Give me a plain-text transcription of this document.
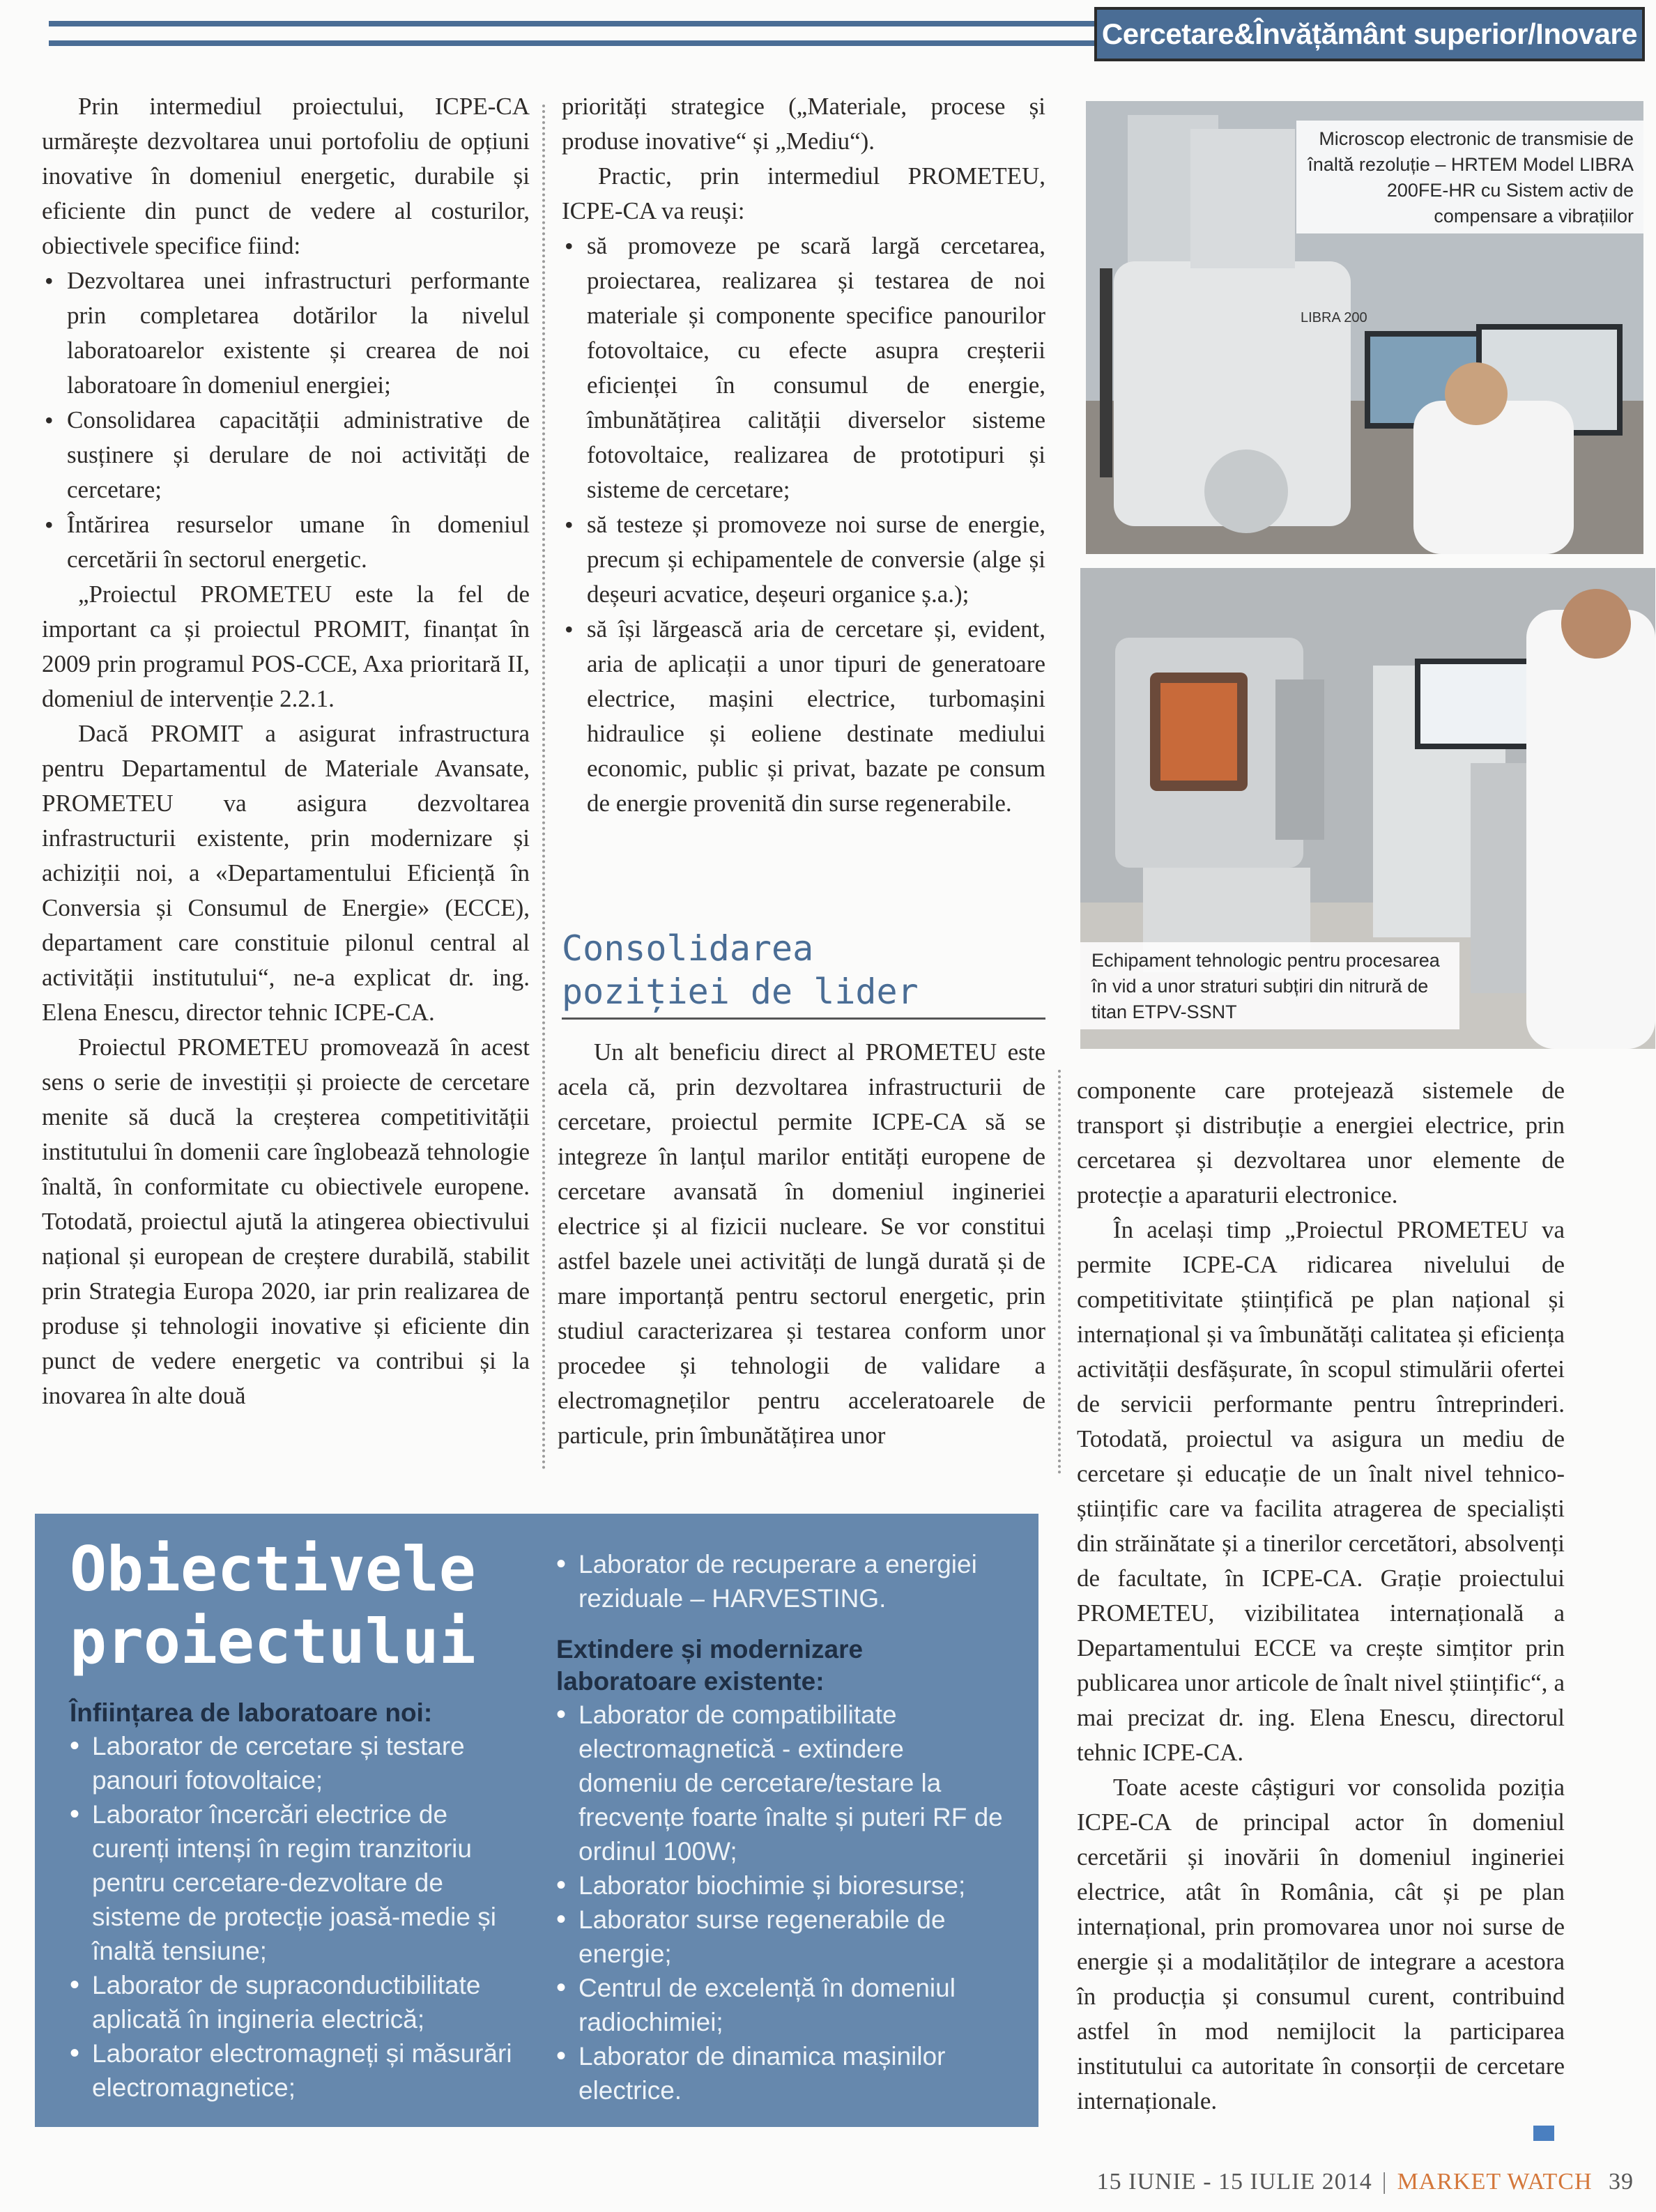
Cercetare&Învățământ superior/Inovare

Prin intermediul proiectului, ICPE-CA urmărește dezvoltarea unui portofoliu de opțiuni inovative în domeniul energetic, durabile și eficiente din punct de vedere al costurilor, obiectivele specifice fiind:

• Dezvoltarea unei infrastructuri performante prin completarea dotărilor la nivelul laboratoarelor existente și crearea de noi laboratoare în domeniul energiei;
• Consolidarea capacității administrative de susținere și derulare de noi activități de cercetare;
• Întărirea resurselor umane în domeniul cercetării în sectorul energetic.

„Proiectul PROMETEU este la fel de important ca și proiectul PROMIT, finanțat în 2009 prin programul POS-CCE, Axa prioritară II, domeniul de intervenție 2.2.1.

Dacă PROMIT a asigurat infrastructura pentru Departamentul de Materiale Avansate, PROMETEU va asigura dezvoltarea infrastructurii existente, prin modernizare și achiziții noi, a «Departamentului Eficiență în Conversia și Consumul de Energie» (ECCE), departament care constituie pilonul central al activității institutului“, ne-a explicat dr. ing. Elena Enescu, director tehnic ICPE-CA.

Proiectul PROMETEU promovează în acest sens o serie de investiții și proiecte de cercetare menite să ducă la creșterea competitivității institutului în domenii care înglobează tehnologie înaltă, în conformitate cu obiectivele europene. Totodată, proiectul ajută la atingerea obiectivului național și european de creștere durabilă, stabilit prin Strategia Europa 2020, iar prin realizarea de produse și tehnologii inovative și eficiente din punct de vedere energetic va contribui și la inovarea în alte două

priorități strategice („Materiale, procese și produse inovative“ și „Mediu“).

Practic, prin intermediul PROMETEU, ICPE-CA va reuși:

• să promoveze pe scară largă cercetarea, proiectarea, realizarea și testarea de noi materiale și componente specifice panourilor fotovoltaice, cu efecte asupra creșterii eficienței în consumul de energie, îmbunătățirea calității diverselor sisteme fotovoltaice, realizarea de prototipuri și sisteme de cercetare;
• să testeze și promoveze noi surse de energie, precum și echipamentele de conversie (alge și deșeuri acvatice, deșeuri organice ș.a.);
• să își lărgească aria de cercetare și, evident, aria de aplicații a unor tipuri de generatoare electrice, mașini electrice, turbomașini hidraulice și eoliene destinate mediului economic, public și privat, bazate pe consum de energie provenită din surse regenerabile.
Consolidarea
poziției de lider

Un alt beneficiu direct al PROMETEU este acela că, prin dezvoltarea infrastructurii de cercetare, proiectul permite ICPE-CA să se integreze în lanțul marilor entități europene de cercetare avansată în domeniul ingineriei electrice și al fizicii nucleare. Se vor constitui astfel bazele unei activități de lungă durată și de mare importanță pentru sectorul energetic, prin studiul caracterizarea și testarea conform unor procedee și tehnologii de validare a electromagneților pentru acceleratoarele de particule, prin îmbunătățirea unor

LIBRA 200
Microscop electronic de transmisie de înaltă rezoluție – HRTEM Model LIBRA 200FE-HR cu Sistem activ de compensare a vibrațiilor
Echipament tehnologic pentru procesarea în vid a unor straturi subțiri din nitrură de titan ETPV-SSNT

componente care protejează sistemele de transport și distribuție a energiei electrice, prin cercetarea și dezvoltarea unor elemente de protecție a aparaturii electronice.

În același timp „Proiectul PROMETEU va permite ICPE-CA ridicarea nivelului de competitivitate științifică pe plan național și internațional și va îmbunătăți calitatea și eficiența activității desfășurate, în scopul stimulării ofertei de servicii performante pentru întreprinderi. Totodată, proiectul va asigura un mediu de cercetare și educație de un înalt nivel tehnico-științific care va facilita atragerea de specialiști din străinătate și a tinerilor cercetători, absolvenți de facultate, în ICPE-CA. Grație proiectului PROMETEU, vizibilitatea internațională a Departamentului ECCE va crește simțitor prin publicarea unor articole de înalt nivel științific“, a mai precizat dr. ing. Elena Enescu, directorul tehnic ICPE-CA.

Toate aceste câștiguri vor consolida poziția ICPE-CA de principal actor în domeniul cercetării și inovării în domeniul ingineriei electrice, atât în România, cât și pe plan internațional, prin promovarea unor noi surse de energie și a modalităților de integrare a acestora în producția și consumul curent, contribuind astfel în mod nemijlocit la participarea institutului ca autoritate în consorții de cercetare internaționale.

Obiectivele proiectului
Înființarea de laboratoare noi:
• Laborator de cercetare și testare panouri fotovoltaice;
• Laborator încercări electrice de curenți intenși în regim tranzitoriu pentru cercetare-dezvoltare de sisteme de protecție joasă-medie și înaltă tensiune;
• Laborator de supraconductibilitate aplicată în ingineria electrică;
• Laborator electromagneți și măsurări electromagnetice;
• Laborator de recuperare a energiei reziduale – HARVESTING.
Extindere și modernizare laboratoare existente:
• Laborator de compatibilitate electromagnetică - extindere domeniu de cercetare/testare la frecvențe foarte înalte și puteri RF de ordinul 100W;
• Laborator biochimie și bioresurse;
• Laborator surse regenerabile de energie;
• Centrul de excelență în domeniul radiochimiei;
• Laborator de dinamica mașinilor electrice.
15 IUNIE - 15 IULIE 2014 | MARKET WATCH 39
